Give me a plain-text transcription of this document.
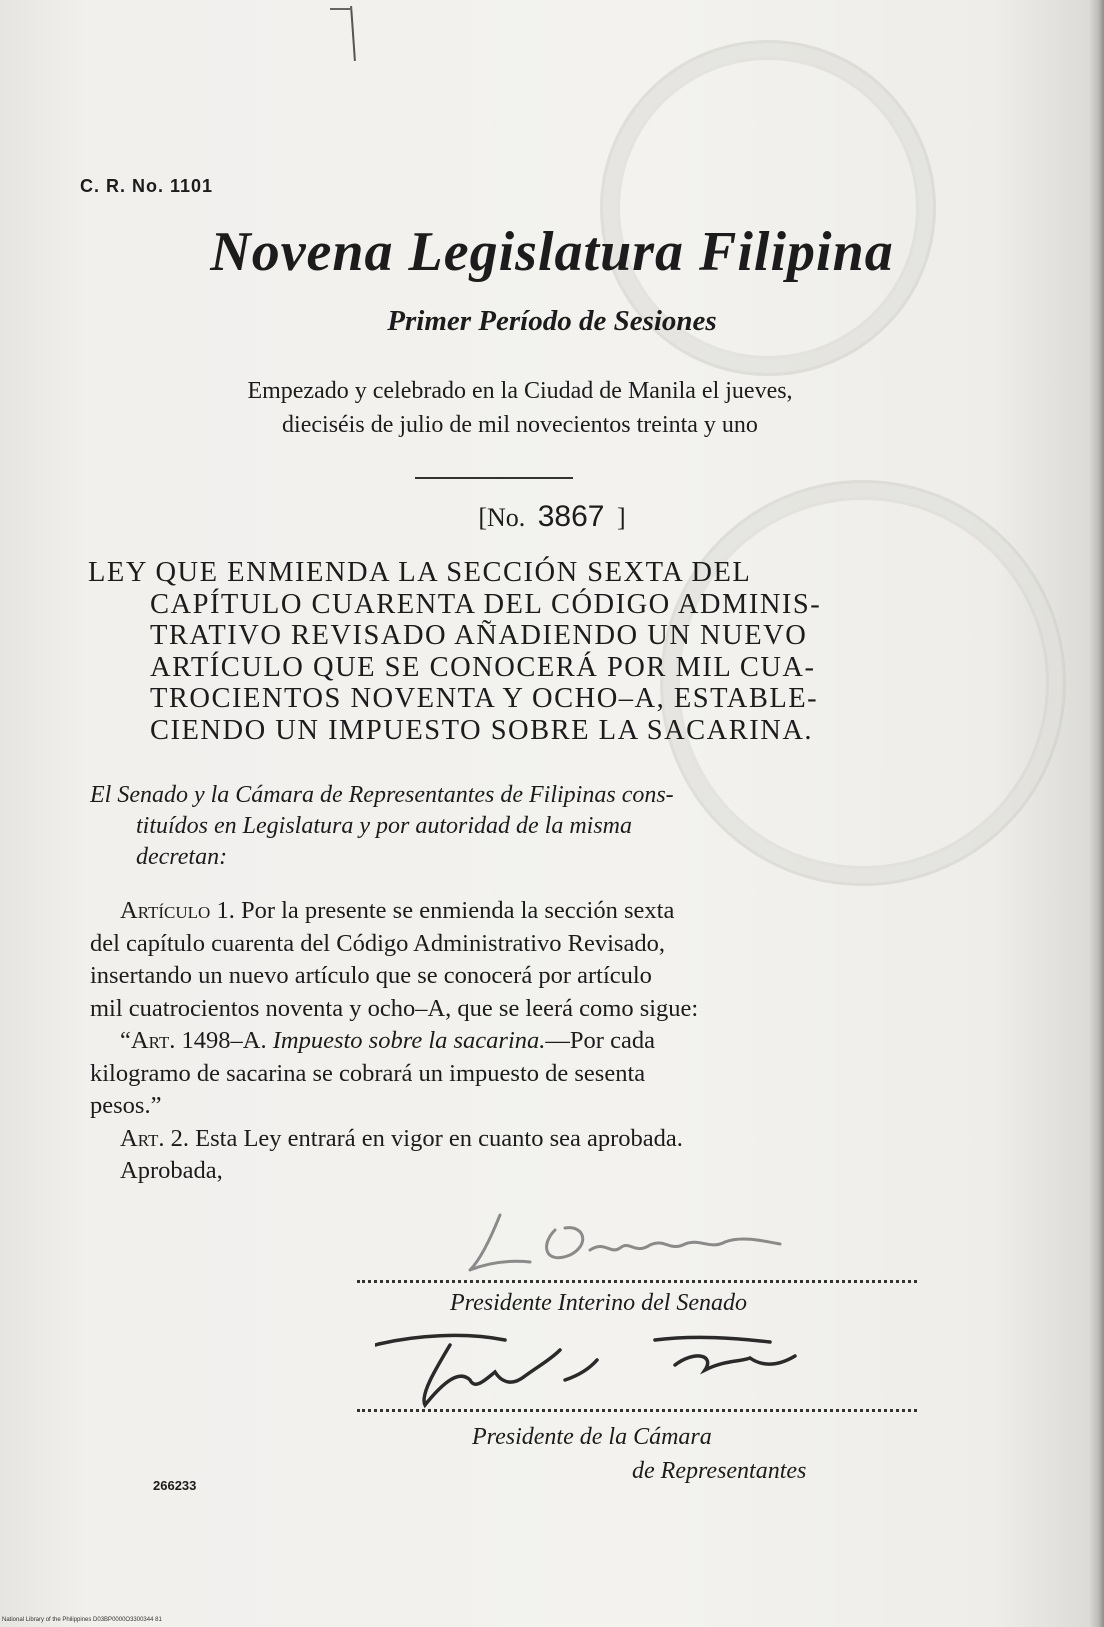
C. R. No. 1101
Novena Legislatura Filipina
Primer Período de Sesiones
Empezado y celebrado en la Ciudad de Manila el jueves,
dieciséis de julio de mil novecientos treinta y uno
[No. 3867 ]
LEY QUE ENMIENDA LA SECCIÓN SEXTA DEL
CAPÍTULO CUARENTA DEL CÓDIGO ADMINIS-
TRATIVO REVISADO AÑADIENDO UN NUEVO
ARTÍCULO QUE SE CONOCERÁ POR MIL CUA-
TROCIENTOS NOVENTA Y OCHO–A, ESTABLE-
CIENDO UN IMPUESTO SOBRE LA SACARINA.
El Senado y la Cámara de Representantes de Filipinas cons-
tituídos en Legislatura y por autoridad de la misma
decretan:
Artículo 1. Por la presente se enmienda la sección sexta
del capítulo cuarenta del Código Administrativo Revisado,
insertando un nuevo artículo que se conocerá por artículo
mil cuatrocientos noventa y ocho–A, que se leerá como sigue:
“Art. 1498–A. Impuesto sobre la sacarina.—Por cada
kilogramo de sacarina se cobrará un impuesto de sesenta
pesos.”
Art. 2. Esta Ley entrará en vigor en cuanto sea aprobada.
Aprobada,
Presidente Interino del Senado
Presidente de la Cámara
de Representantes
266233
National Library of the Philippines D03BP0000O3300344 81
